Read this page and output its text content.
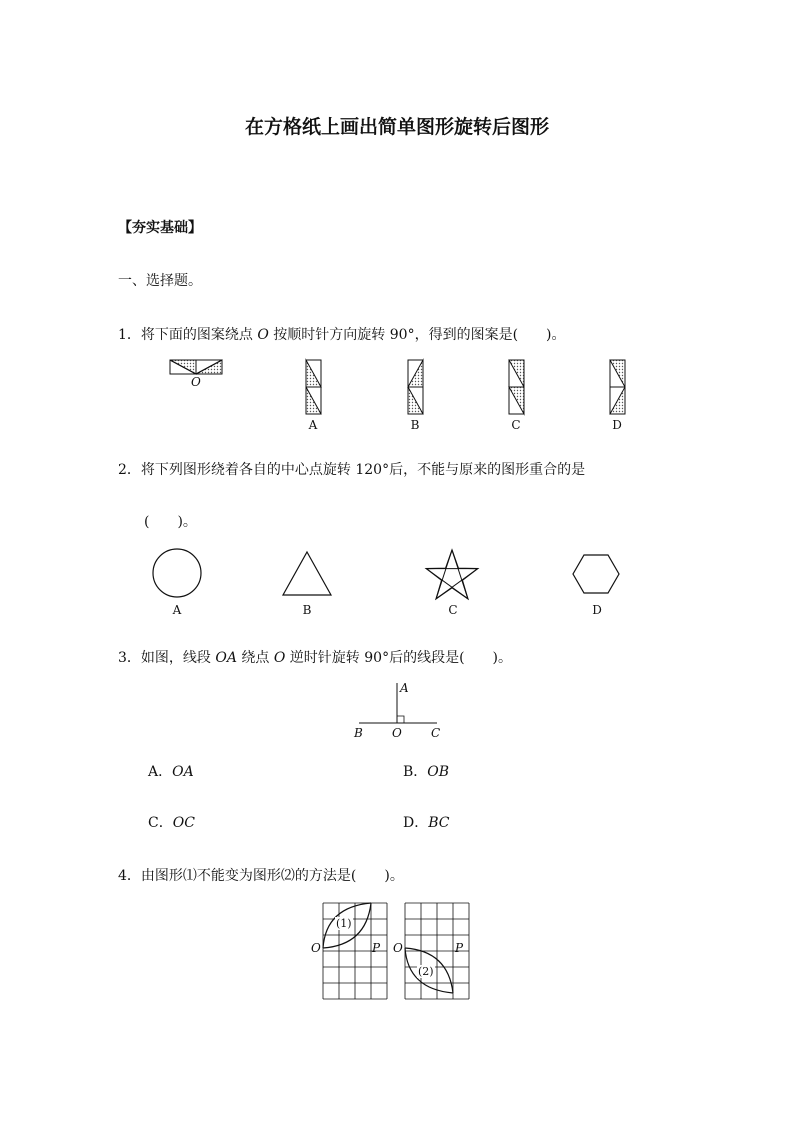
在方格纸上画出简单图形旋转后图形
【夯实基础】
一、选择题。
1．将下面的图案绕点 O 按顺时针方向旋转 90°，得到的图案是(　　)。
O
A	B	C	D
2．将下列图形绕着各自的中心点旋转 120°后，不能与原来的图形重合的是
(　　)。
A	B	C	D
3．如图，线段 OA 绕点 O 逆时针旋转 90°后的线段是(　　)。
A
B O C
A．OA	B．OB
C．OC	D．BC
4．由图形⑴不能变为图形⑵的方法是(　　)。
O	P O	P
(1)
(2)
